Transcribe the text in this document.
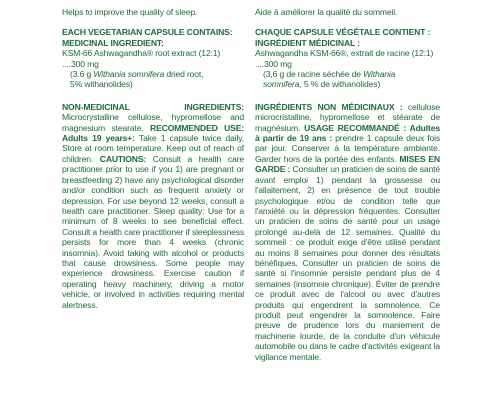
Helps to improve the quality of sleep.

EACH VEGETARIAN CAPSULE CONTAINS:

MEDICINAL INGREDIENT:

KSM-66 Ashwagandha® root extract (12:1) ....300 mg

(3.6 g Withania somnifera dried root,

5% withanolides)

NON-MEDICINAL INGREDIENTS: Microcrystalline cellulose, hypromellose and magnesium stearate. RECOMMENDED USE: Adults 19 years+: Take 1 capsule twice daily. Store at room temperature. Keep out of reach of children. CAUTIONS: Consult a health care practitioner prior to use if you 1) are pregnant or breastfeeding 2) have any psychological disorder and/or condition such as frequent anxiety or depression. For use beyond 12 weeks, consult a health care practitioner. Sleep quality: Use for a minimum of 8 weeks to see beneficial effect. Consult a health care practitioner if sleeplessness persists for more than 4 weeks (chronic insomnia). Avoid taking with alcohol or products that cause drowsiness. Some people may experience drowsiness. Exercise caution if operating heavy machinery, driving a motor vehicle, or involved in activities requiring mental alertness.

Aide à améliorer la qualité du sommeil.

CHAQUE CAPSULE VÉGÉTALE CONTIENT :

INGRÉDIENT MÉDICINAL :

Ashwagandha KSM-66®, extrait de racine (12:1) ....300 mg

(3,6 g de racine séchée de Withania

somnifera, 5 % de withanolides)

INGRÉDIENTS NON MÉDICINAUX : cellulose microcristalline, hypromellose et stéarate de magnésium. USAGE RECOMMANDÉ : Adultes à partir de 19 ans : prendre 1 capsule deux fois par jour. Conserver à la température ambiante. Garder hors de la portée des enfants. MISES EN GARDE : Consulter un praticien de soins de santé avant emploi 1) pendant la grossesse ou l'allaitement, 2) en présence de tout trouble psychologique et/ou de condition telle que l'anxiété ou la dépression fréquentes. Consulter un praticien de soins de santé pour un usage prolongé au-delà de 12 semaines. Qualité du sommeil : ce produit exige d'être utilisé pendant au moins 8 semaines pour donner des résultats bénéfiques. Consulter un praticien de soins de santé si l'insomnie persiste pendant plus de 4 semaines (insomnie chronique). Éviter de prendre ce produit avec de l'alcool ou avec d'autres produits qui engendrent la somnolence. Ce produit peut engendrer la somnolence. Faire preuve de prudence lors du maniement de machinerie lourde, de la conduite d'un véhicule automobile ou dans le cadre d'activités exigeant la vigilance mentale.
